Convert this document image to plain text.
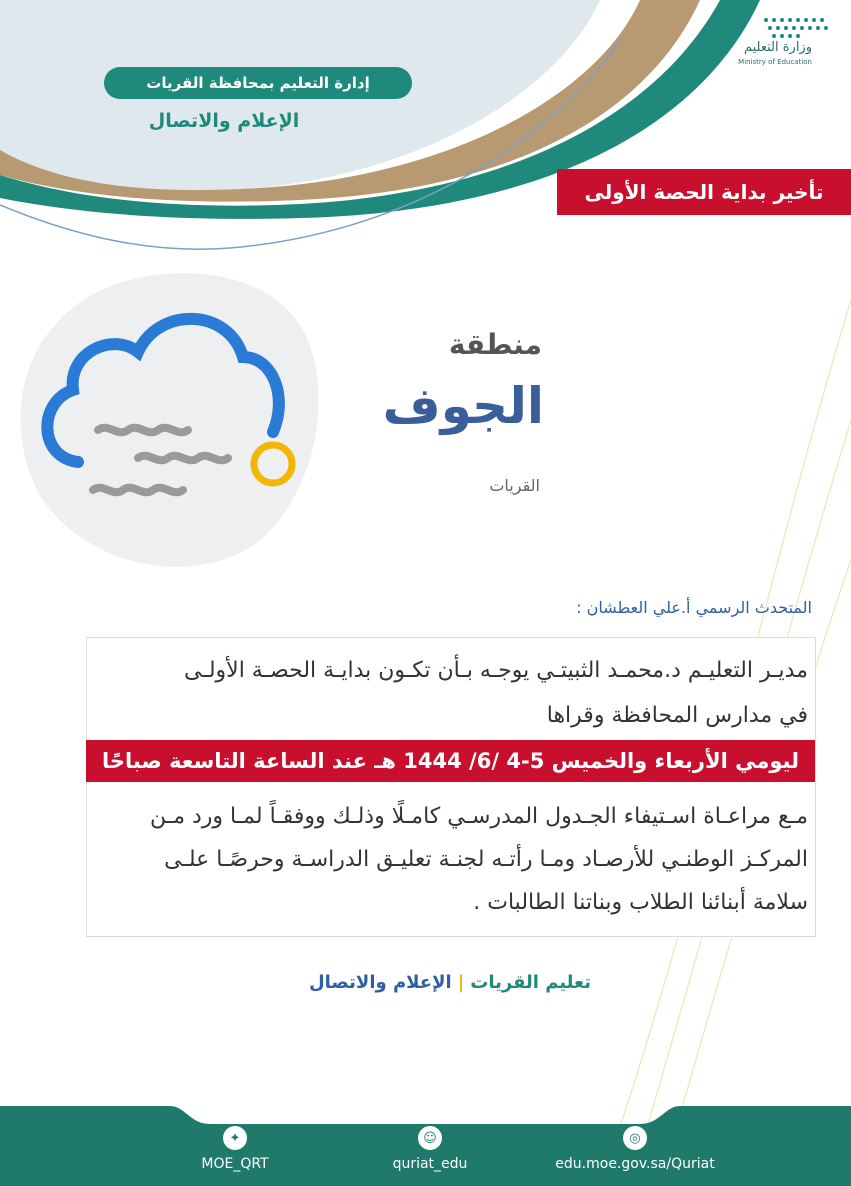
وزارة التعليم
Ministry of Education
إدارة التعليم بمحافظة القريات
الإعلام والاتصال
تأخير بداية الحصة الأولى
منطقة
الجوف
القريات
المتحدث الرسمي أ.علي العطشان :
مديـر التعليـم د.محمـد الثبيتـي يوجـه بـأن تكـون بدايـة الحصـة الأولـى
في مدارس المحافظة وقراها
ليومي الأربعاء والخميس 5-4 /6/ 1444 هـ عند الساعة التاسعة صباحًا
مـع مراعـاة اسـتيفاء الجـدول المدرسـي كامـلًا وذلـك ووفقـاً لمـا ورد مـن
المركـز الوطنـي للأرصـاد ومـا رأتـه لجنـة تعليـق الدراسـة وحرصًـا علـى
سلامة أبنائنا الطلاب وبناتنا الطالبات .
تعليم القريات|الإعلام والاتصال
✦
MOE_QRT
☺
quriat_edu
◎
edu.moe.gov.sa/Quriat
